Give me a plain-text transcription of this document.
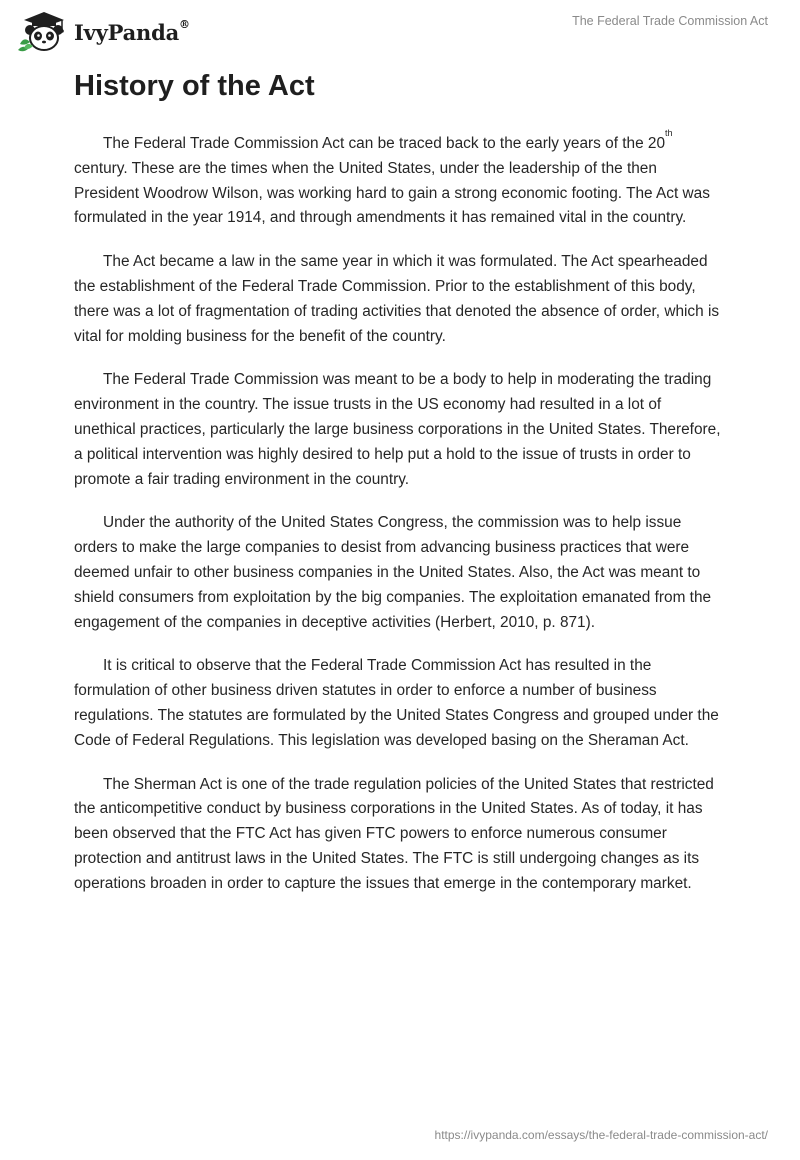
IvyPanda®	The Federal Trade Commission Act
History of the Act

The Federal Trade Commission Act can be traced back to the early years of the 20th century. These are the times when the United States, under the leadership of the then President Woodrow Wilson, was working hard to gain a strong economic footing. The Act was formulated in the year 1914, and through amendments it has remained vital in the country.

The Act became a law in the same year in which it was formulated. The Act spearheaded the establishment of the Federal Trade Commission. Prior to the establishment of this body, there was a lot of fragmentation of trading activities that denoted the absence of order, which is vital for molding business for the benefit of the country.

The Federal Trade Commission was meant to be a body to help in moderating the trading environment in the country. The issue trusts in the US economy had resulted in a lot of unethical practices, particularly the large business corporations in the United States. Therefore, a political intervention was highly desired to help put a hold to the issue of trusts in order to promote a fair trading environment in the country.

Under the authority of the United States Congress, the commission was to help issue orders to make the large companies to desist from advancing business practices that were deemed unfair to other business companies in the United States. Also, the Act was meant to shield consumers from exploitation by the big companies. The exploitation emanated from the engagement of the companies in deceptive activities (Herbert, 2010, p. 871).

It is critical to observe that the Federal Trade Commission Act has resulted in the formulation of other business driven statutes in order to enforce a number of business regulations. The statutes are formulated by the United States Congress and grouped under the Code of Federal Regulations. This legislation was developed basing on the Sheraman Act.

The Sherman Act is one of the trade regulation policies of the United States that restricted the anticompetitive conduct by business corporations in the United States. As of today, it has been observed that the FTC Act has given FTC powers to enforce numerous consumer protection and antitrust laws in the United States. The FTC is still undergoing changes as its operations broaden in order to capture the issues that emerge in the contemporary market.

https://ivypanda.com/essays/the-federal-trade-commission-act/
